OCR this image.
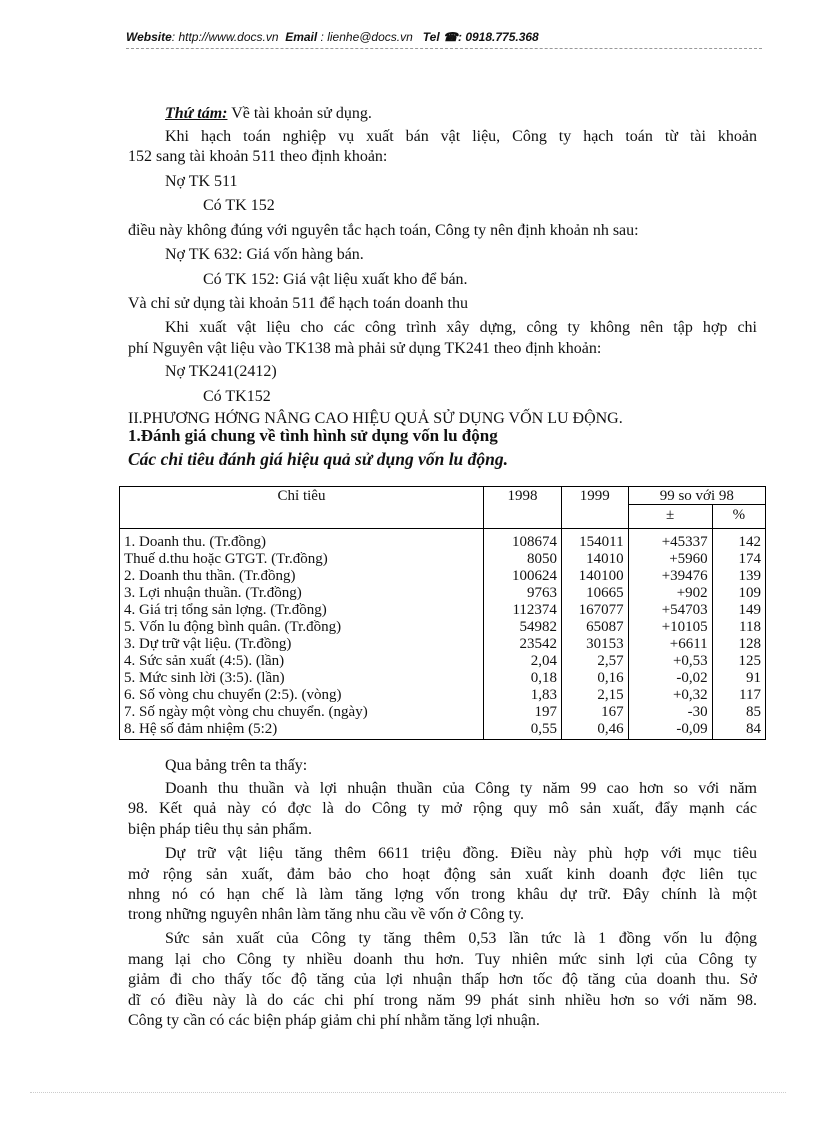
Website: http://www.docs.vn Email : lienhe@docs.vn Tel ☎: 0918.775.368
Thứ tám: Về tài khoản sử dụng.
Khi hạch toán nghiệp vụ xuất bán vật liệu, Công ty hạch toán từ tài khoản
152 sang tài khoản 511 theo định khoản:
Nợ TK 511
Có TK 152
điều này không đúng với nguyên tắc hạch toán, Công ty nên định khoản nh sau:
Nợ TK 632: Giá vốn hàng bán.
Có TK 152: Giá vật liệu xuất kho để bán.
Và chỉ sử dụng tài khoản 511 để hạch toán doanh thu
Khi xuất vật liệu cho các công trình xây dựng, công ty không nên tập hợp chi
phí Nguyên vật liệu vào TK138 mà phải sử dụng TK241 theo định khoản:
Nợ TK241(2412)
Có TK152
II.PHƯƠNG HỚNG NÂNG CAO HIỆU QUẢ SỬ DỤNG VỐN LU ĐỘNG.
1.Đánh giá chung về tình hình sử dụng vốn lu động
Các chỉ tiêu đánh giá hiệu quả sử dụng vốn lu động.
Chỉ tiêu	1998	1999	99 so với 98	
			±	%
1. Doanh thu. (Tr.đồng)	108674	154011	+45337	142
Thuế d.thu hoặc GTGT. (Tr.đồng)	8050	14010	+5960	174
2. Doanh thu thần. (Tr.đồng)	100624	140100	+39476	139
3. Lợi nhuận thuần. (Tr.đồng)	9763	10665	+902	109
4. Giá trị tổng sản lợng. (Tr.đồng)	112374	167077	+54703	149
5. Vốn lu động bình quân. (Tr.đồng)	54982	65087	+10105	118
3. Dự trữ vật liệu. (Tr.đồng)	23542	30153	+6611	128
4. Sức sản xuất (4:5). (lần)	2,04	2,57	+0,53	125
5. Mức sinh lời (3:5). (lần)	0,18	0,16	-0,02	91
6. Số vòng chu chuyển (2:5). (vòng)	1,83	2,15	+0,32	117
7. Số ngày một vòng chu chuyển. (ngày)	197	167	-30	85
8. Hệ số đảm nhiệm (5:2)	0,55	0,46	-0,09	84
Qua bảng trên ta thấy:
Doanh thu thuần và lợi nhuận thuần của Công ty năm 99 cao hơn so với năm
98. Kết quả này có đợc là do Công ty mở rộng quy mô sản xuất, đẩy mạnh các
biện pháp tiêu thụ sản phẩm.
Dự trữ vật liệu tăng thêm 6611 triệu đồng. Điều này phù hợp với mục tiêu
mở rộng sản xuất, đảm bảo cho hoạt động sản xuất kinh doanh đợc liên tục
nhng nó có hạn chế là làm tăng lợng vốn trong khâu dự trữ. Đây chính là một
trong những nguyên nhân làm tăng nhu cầu về vốn ở Công ty.
Sức sản xuất của Công ty tăng thêm 0,53 lần tức là 1 đồng vốn lu động
mang lại cho Công ty nhiều doanh thu hơn. Tuy nhiên mức sinh lợi của Công ty
giảm đi cho thấy tốc độ tăng của lợi nhuận thấp hơn tốc độ tăng của doanh thu. Sở
dĩ có điều này là do các chi phí trong năm 99 phát sinh nhiều hơn so với năm 98.
Công ty cần có các biện pháp giảm chi phí nhằm tăng lợi nhuận.
